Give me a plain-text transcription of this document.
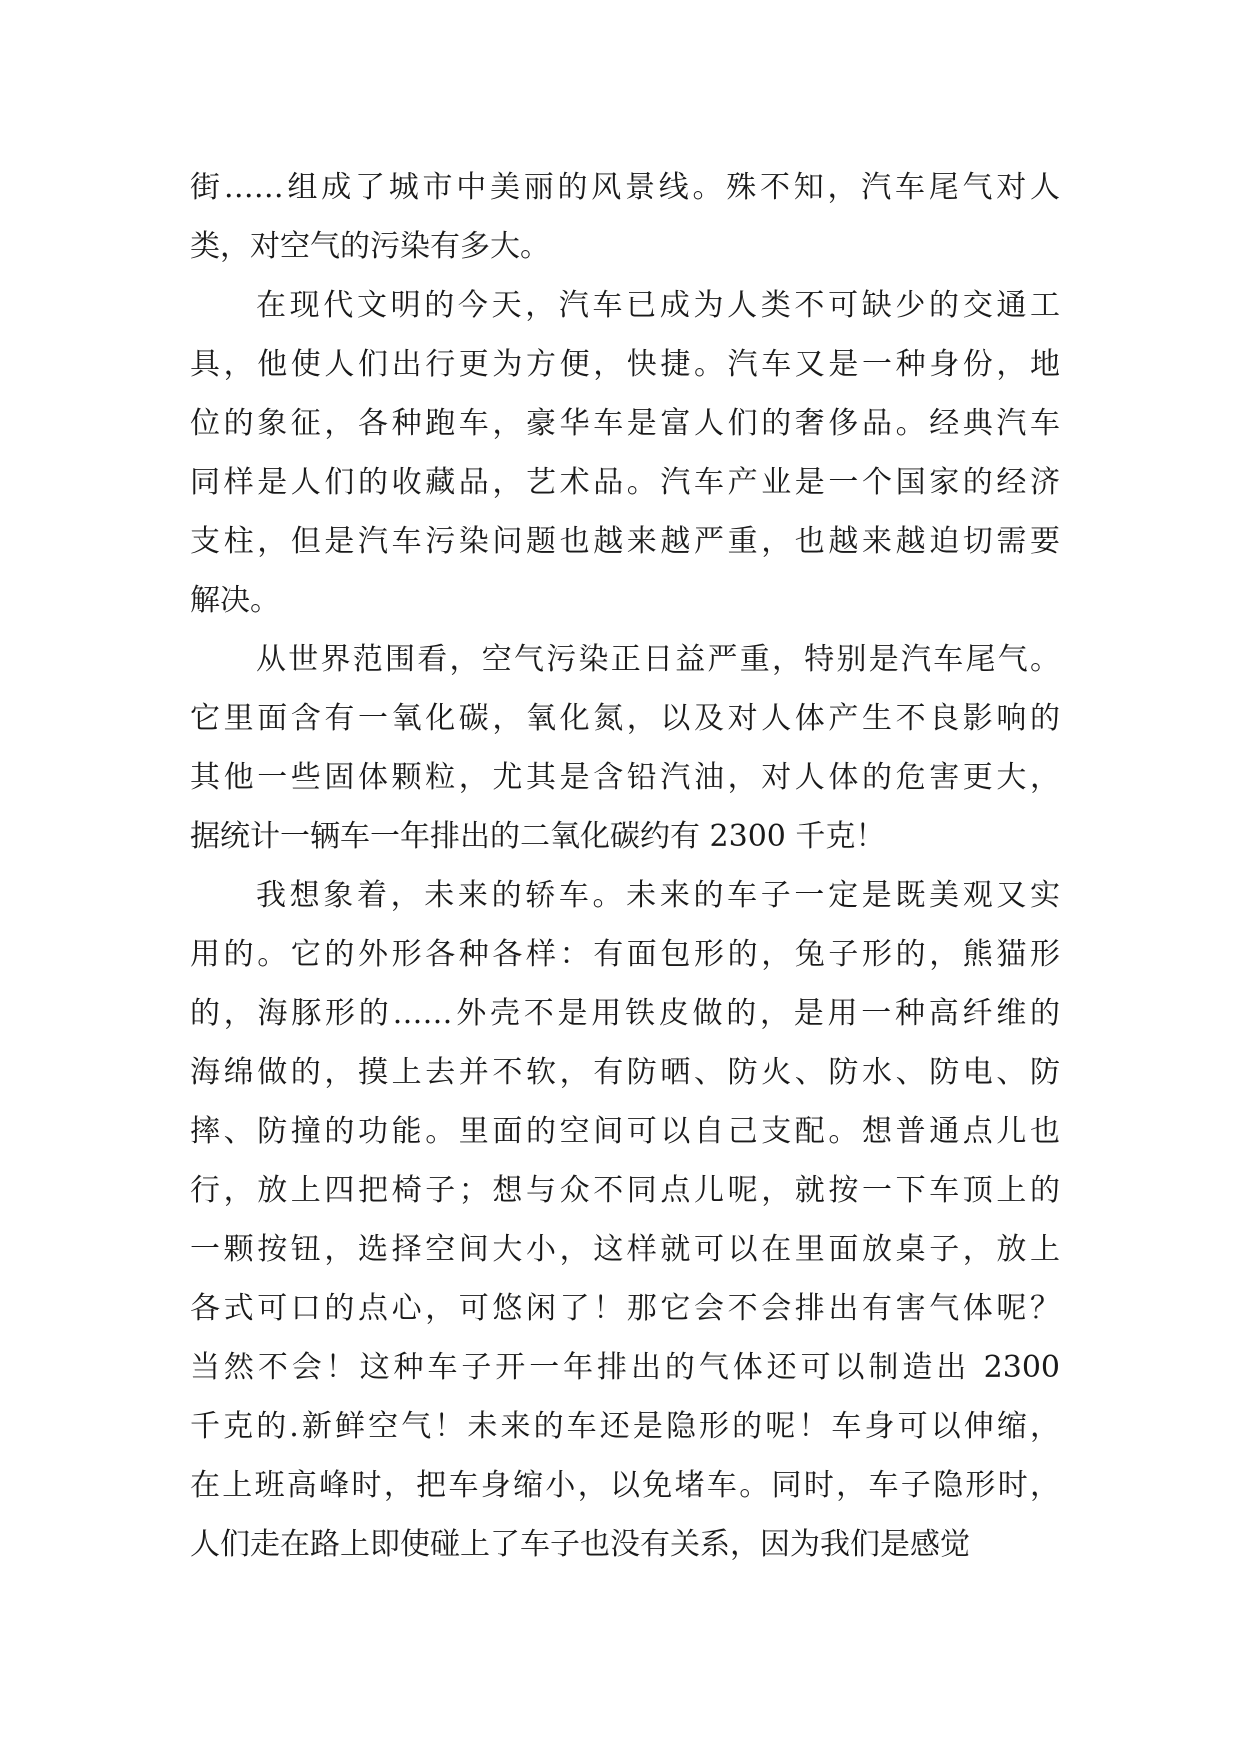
街……组成了城市中美丽的风景线。殊不知，汽车尾气对人
类，对空气的污染有多大。
在现代文明的今天，汽车已成为人类不可缺少的交通工
具，他使人们出行更为方便，快捷。汽车又是一种身份，地
位的象征，各种跑车，豪华车是富人们的奢侈品。经典汽车
同样是人们的收藏品，艺术品。汽车产业是一个国家的经济
支柱，但是汽车污染问题也越来越严重，也越来越迫切需要
解决。
从世界范围看，空气污染正日益严重，特别是汽车尾气。
它里面含有一氧化碳，氧化氮，以及对人体产生不良影响的
其他一些固体颗粒，尤其是含铅汽油，对人体的危害更大，
据统计一辆车一年排出的二氧化碳约有 2300 千克！
我想象着，未来的轿车。未来的车子一定是既美观又实
用的。它的外形各种各样：有面包形的，兔子形的，熊猫形
的，海豚形的……外壳不是用铁皮做的，是用一种高纤维的
海绵做的，摸上去并不软，有防晒、防火、防水、防电、防
摔、防撞的功能。里面的空间可以自己支配。想普通点儿也
行，放上四把椅子；想与众不同点儿呢，就按一下车顶上的
一颗按钮，选择空间大小，这样就可以在里面放桌子，放上
各式可口的点心，可悠闲了！那它会不会排出有害气体呢？
当然不会！这种车子开一年排出的气体还可以制造出 2300
千克的.新鲜空气！未来的车还是隐形的呢！车身可以伸缩，
在上班高峰时，把车身缩小，以免堵车。同时，车子隐形时，
人们走在路上即使碰上了车子也没有关系，因为我们是感觉
